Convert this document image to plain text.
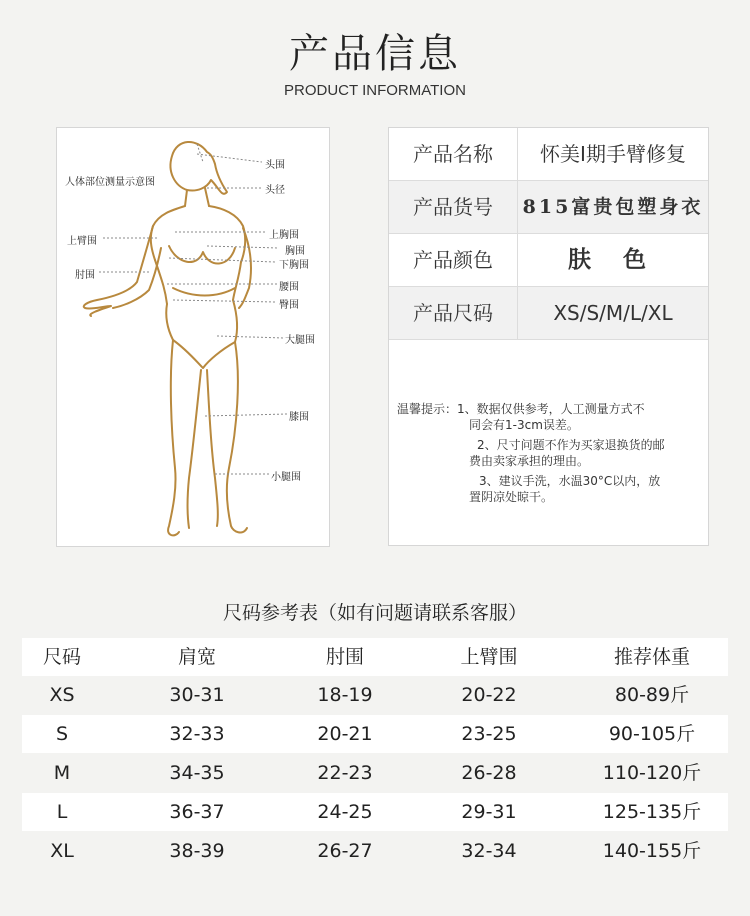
产品信息
PRODUCT INFORMATION
人体部位测量示意图
头围
头径
上胸围
胸围
下胸围
腰围
臀围
大腿围
膝围
小腿围
上臂围
肘围
产品名称	怀美I期手臂修复
产品货号	815富贵包塑身衣
产品颜色	肤 色
产品尺码	XS/S/M/L/XL
温馨提示：1、数据仅供参考，人工测量方式不
同会有1-3cm误差。
2、尺寸问题不作为买家退换货的邮
费由卖家承担的理由。
3、建议手洗，水温30°C以内，放
置阴凉处晾干。
尺码参考表（如有问题请联系客服）
尺码	肩宽	肘围	上臂围	推荐体重
XS	30-31	18-19	20-22	80-89斤
S	32-33	20-21	23-25	90-105斤
M	34-35	22-23	26-28	110-120斤
L	36-37	24-25	29-31	125-135斤
XL	38-39	26-27	32-34	140-155斤
